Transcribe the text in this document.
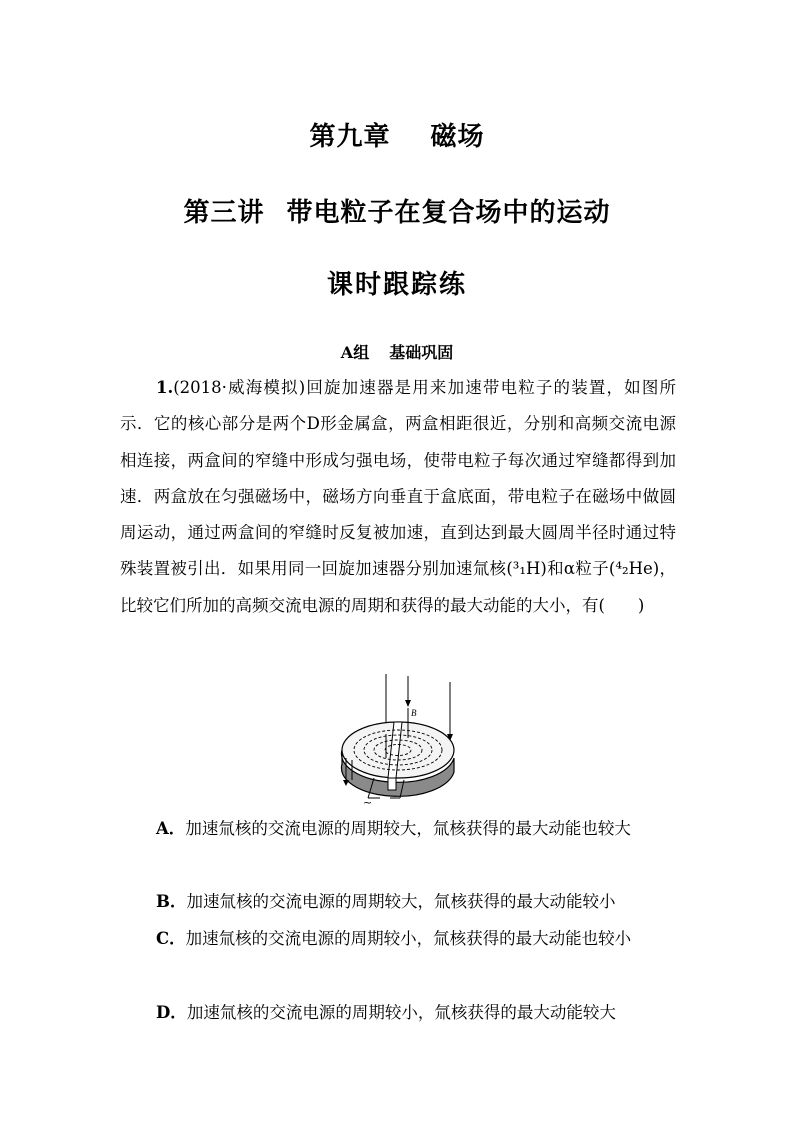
第九章 磁场
第三讲 带电粒子在复合场中的运动
课时跟踪练
A组 基础巩固
1.(2018·威海模拟)回旋加速器是用来加速带电粒子的装置，如图所示．它的核心部分是两个D形金属盒，两盒相距很近，分别和高频交流电源相连接，两盒间的窄缝中形成匀强电场，使带电粒子每次通过窄缝都得到加速．两盒放在匀强磁场中，磁场方向垂直于盒底面，带电粒子在磁场中做圆周运动，通过两盒间的窄缝时反复被加速，直到达到最大圆周半径时通过特殊装置被引出．如果用同一回旋加速器分别加速氚核(³₁H)和α粒子(⁴₂He)，比较它们所加的高频交流电源的周期和获得的最大动能的大小，有(　　)
B
~
A．加速氚核的交流电源的周期较大，氚核获得的最大动能也较大
B．加速氚核的交流电源的周期较大，氚核获得的最大动能较小
C．加速氚核的交流电源的周期较小，氚核获得的最大动能也较小
D．加速氚核的交流电源的周期较小，氚核获得的最大动能较大
